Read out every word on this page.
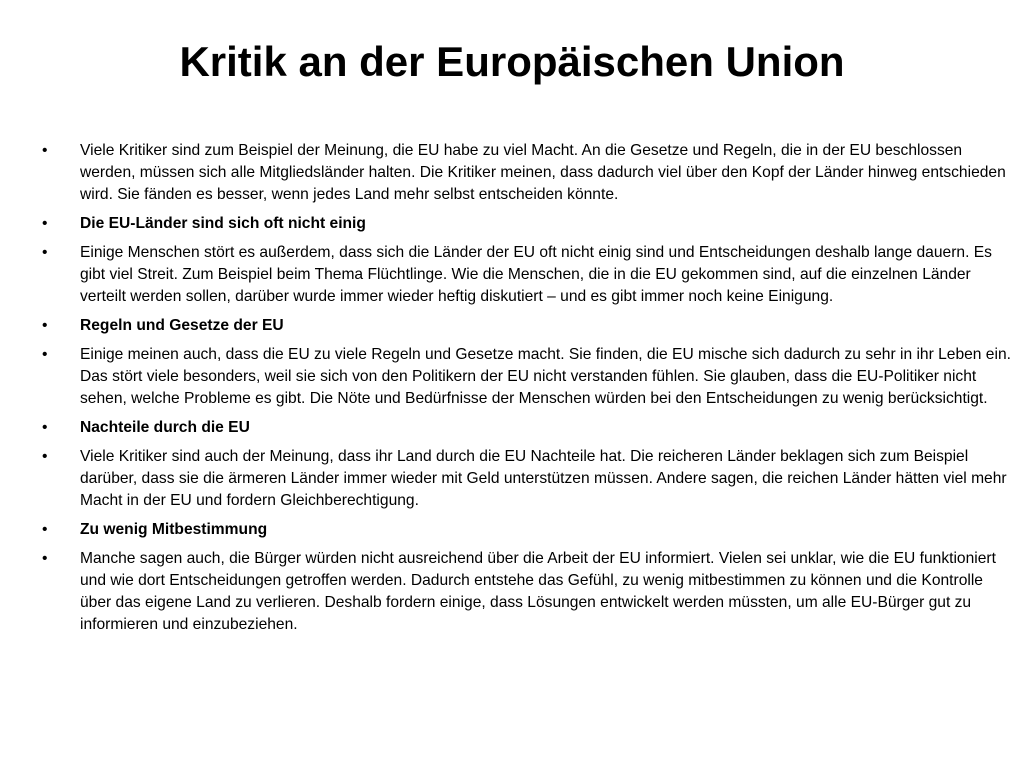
Kritik an der Europäischen Union
•	Viele Kritiker sind zum Beispiel der Meinung, die EU habe zu viel Macht. An die Gesetze und Regeln, die in der EU beschlossen werden, müssen sich alle Mitgliedsländer halten. Die Kritiker meinen, dass dadurch viel über den Kopf der Länder hinweg entschieden wird. Sie fänden es besser, wenn jedes Land mehr selbst entscheiden könnte.
•	Die EU-Länder sind sich oft nicht einig
•	Einige Menschen stört es außerdem, dass sich die Länder der EU oft nicht einig sind und Entscheidungen deshalb lange dauern. Es gibt viel Streit. Zum Beispiel beim Thema Flüchtlinge. Wie die Menschen, die in die EU gekommen sind, auf die einzelnen Länder verteilt werden sollen, darüber wurde immer wieder heftig diskutiert – und es gibt immer noch keine Einigung.
•	Regeln und Gesetze der EU
•	Einige meinen auch, dass die EU zu viele Regeln und Gesetze macht. Sie finden, die EU mische sich dadurch zu sehr in ihr Leben ein. Das stört viele besonders, weil sie sich von den Politikern der EU nicht verstanden fühlen. Sie glauben, dass die EU-Politiker nicht sehen, welche Probleme es gibt. Die Nöte und Bedürfnisse der Menschen würden bei den Entscheidungen zu wenig berücksichtigt.
•	Nachteile durch die EU
•	Viele Kritiker sind auch der Meinung, dass ihr Land durch die EU Nachteile hat. Die reicheren Länder beklagen sich zum Beispiel darüber, dass sie die ärmeren Länder immer wieder mit Geld unterstützen müssen. Andere sagen, die reichen Länder hätten viel mehr Macht in der EU und fordern Gleichberechtigung.
•	Zu wenig Mitbestimmung
•	Manche sagen auch, die Bürger würden nicht ausreichend über die Arbeit der EU informiert. Vielen sei unklar, wie die EU funktioniert und wie dort Entscheidungen getroffen werden. Dadurch entstehe das Gefühl, zu wenig mitbestimmen zu können und die Kontrolle über das eigene Land zu verlieren. Deshalb fordern einige, dass Lösungen entwickelt werden müssten, um alle EU-Bürger gut zu informieren und einzubeziehen.
